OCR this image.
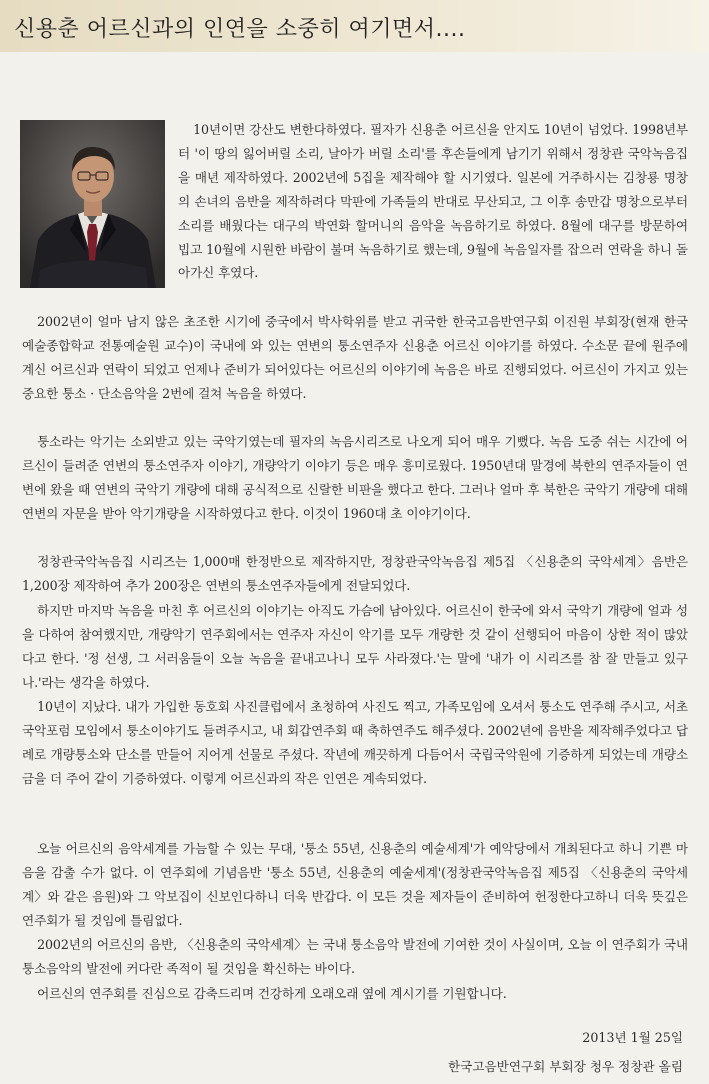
신용춘 어르신과의 인연을 소중히 여기면서....

10년이면 강산도 변한다하였다. 필자가 신용춘 어르신을 안지도 10년이 넘었다. 1998년부터 '이 땅의 잃어버릴 소리, 날아가 버릴 소리'를 후손들에게 남기기 위해서 정창관 국악녹음집을 매년 제작하였다. 2002년에 5집을 제작해야 할 시기였다. 일본에 거주하시는 김창룡 명창의 손녀의 음반을 제작하려다 막판에 가족들의 반대로 무산되고, 그 이후 송만갑 명창으로부터 소리를 배웠다는 대구의 박연화 할머니의 음악을 녹음하기로 하였다. 8월에 대구를 방문하여 빕고 10월에 시원한 바람이 불며 녹음하기로 했는데, 9월에 녹음일자를 잡으러 연락을 하니 돌아가신 후였다.

2002년이 얼마 남지 않은 초조한 시기에 중국에서 박사학위를 받고 귀국한 한국고음반연구회 이진원 부회장(현재 한국예술종합학교 전통예술원 교수)이 국내에 와 있는 연변의 퉁소연주자 신용춘 어르신 이야기를 하였다. 수소문 끝에 원주에 계신 어르신과 연락이 되었고 언제나 준비가 되어있다는 어르신의 이야기에 녹음은 바로 진행되었다. 어르신이 가지고 있는 중요한 퉁소 · 단소음악을 2번에 걸쳐 녹음을 하였다.

퉁소라는 악기는 소외받고 있는 국악기였는데 필자의 녹음시리즈로 나오게 되어 매우 기뻤다. 녹음 도중 쉬는 시간에 어르신이 들려준 연변의 퉁소연주자 이야기, 개량악기 이야기 등은 매우 흥미로웠다. 1950년대 말경에 북한의 연주자들이 연변에 왔을 때 연변의 국악기 개량에 대해 공식적으로 신랄한 비판을 했다고 한다. 그러나 얼마 후 북한은 국악기 개량에 대해 연변의 자문을 받아 악기개량을 시작하였다고 한다. 이것이 1960대 초 이야기이다.

정창관국악녹음집 시리즈는 1,000매 한정반으로 제작하지만, 정창관국악녹음집 제5집 〈신용춘의 국악세계〉음반은 1,200장 제작하여 추가 200장은 연변의 퉁소연주자들에게 전달되었다.

하지만 마지막 녹음을 마친 후 어르신의 이야기는 아직도 가슴에 남아있다. 어르신이 한국에 와서 국악기 개량에 얼과 성을 다하여 참여했지만, 개량악기 연주회에서는 연주자 자신이 악기를 모두 개량한 것 같이 선행되어 마음이 상한 적이 많았다고 한다. '정 선생, 그 서러움들이 오늘 녹음을 끝내고나니 모두 사라졌다.'는 말에 '내가 이 시리즈를 참 잘 만들고 있구나.'라는 생각을 하였다.

10년이 지났다. 내가 가입한 동호회 사진클럽에서 초청하여 사진도 찍고, 가족모임에 오셔서 퉁소도 연주해 주시고, 서초국악포럼 모임에서 퉁소이야기도 들려주시고, 내 회갑연주회 때 축하연주도 해주셨다. 2002년에 음반을 제작해주었다고 답례로 개량퉁소와 단소를 만들어 지어게 선물로 주셨다. 작년에 깨끗하게 다듬어서 국립국악원에 기증하게 되었는데 개량소금을 더 주어 같이 기증하였다. 이렇게 어르신과의 작은 인연은 계속되었다.

오늘 어르신의 음악세계를 가늠할 수 있는 무대, '퉁소 55년, 신용춘의 예술세계'가 예악당에서 개최된다고 하니 기쁜 마음을 감출 수가 없다. 이 연주회에 기념음반 '퉁소 55년, 신용춘의 예술세계'(정창관국악녹음집 제5집 〈신용춘의 국악세계〉와 같은 음원)와 그 악보집이 신보인다하니 더욱 반갑다. 이 모든 것을 제자들이 준비하여 헌정한다고하니 더욱 뜻깊은 연주회가 될 것임에 틀림없다.

2002년의 어르신의 음반, 〈신용춘의 국악세계〉는 국내 퉁소음악 발전에 기여한 것이 사실이며, 오늘 이 연주회가 국내 퉁소음악의 발전에 커다란 족적이 될 것임을 확신하는 바이다.

어르신의 연주회를 진심으로 감축드리며 건강하게 오래오래 옆에 계시기를 기원합니다.

2013년 1월 25일
한국고음반연구회 부회장 청우 정창관 올림
